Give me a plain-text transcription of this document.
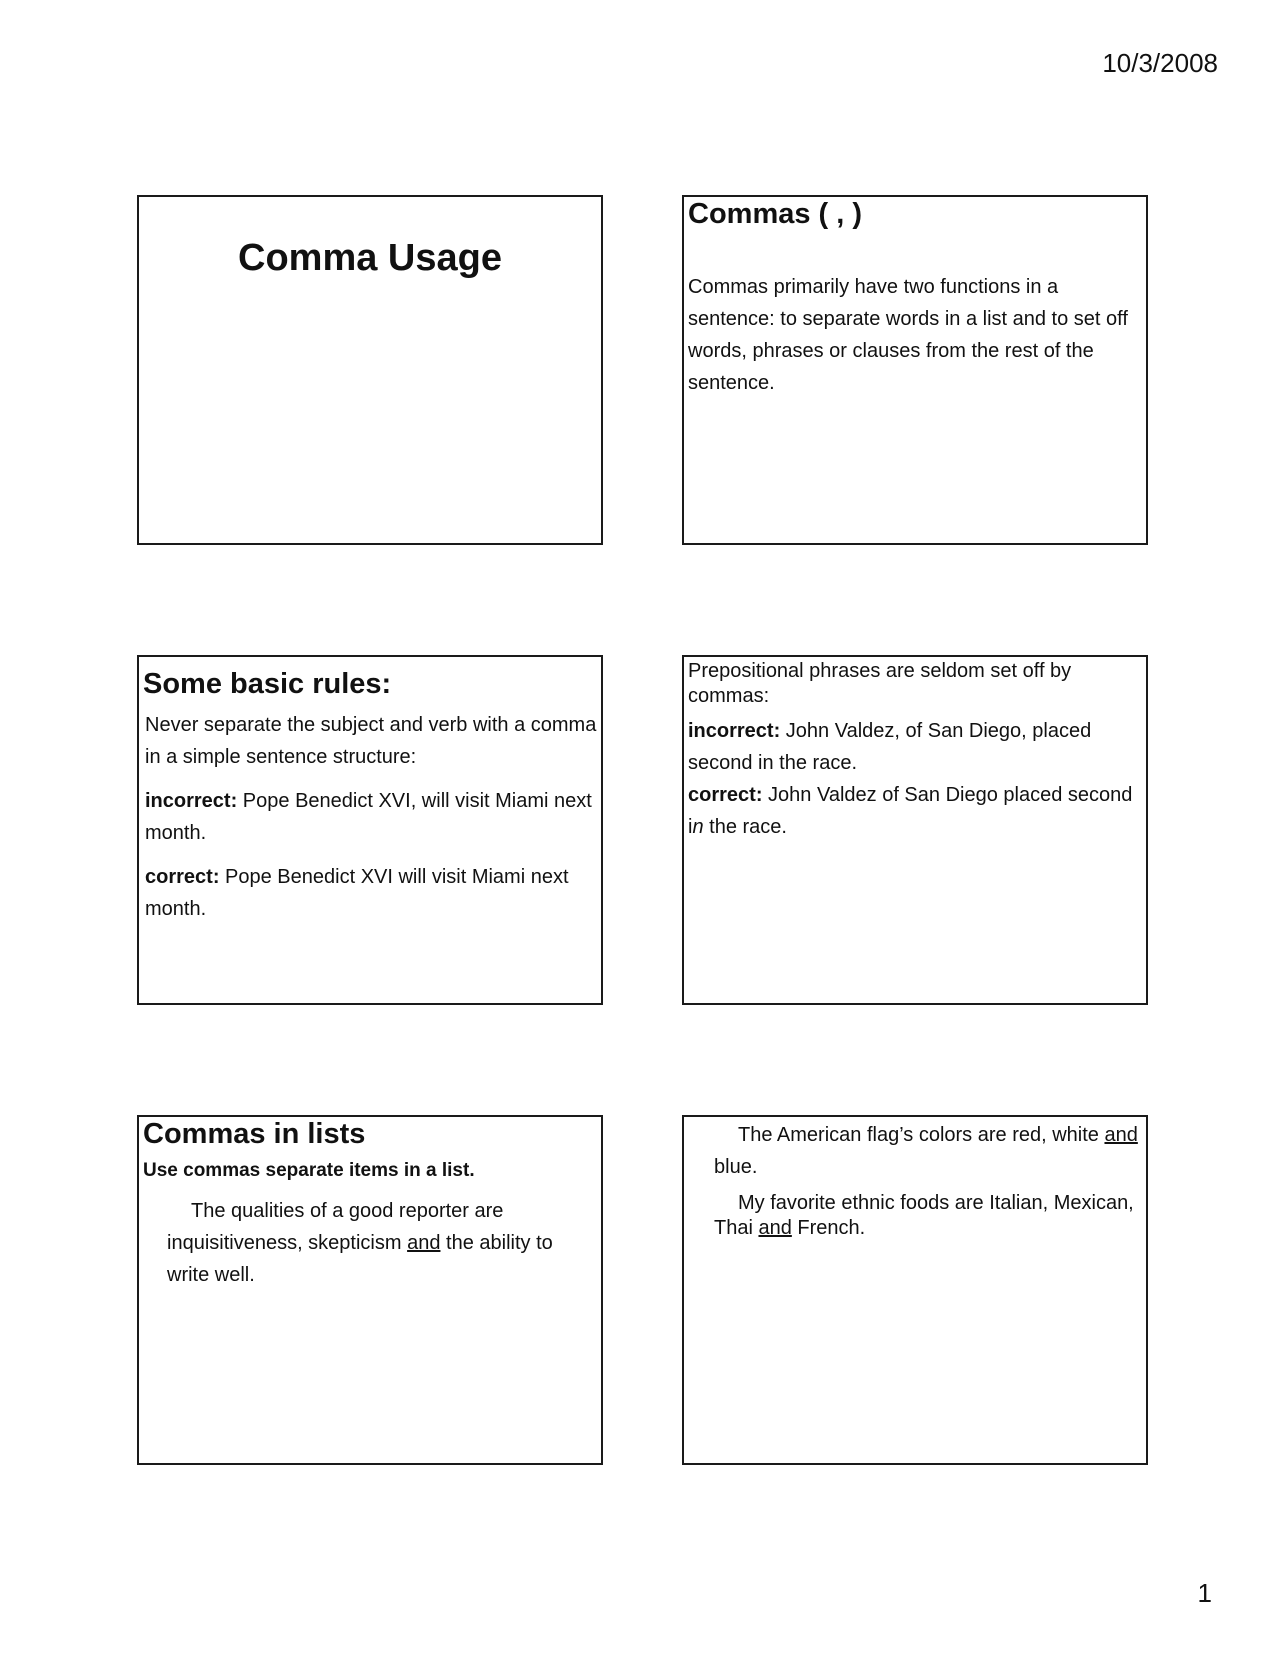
10/3/2008
Comma Usage
Commas ( , )
Commas primarily have two functions in a sentence: to separate words in a list and to set off words, phrases or clauses from the rest of the sentence.
Some basic rules:

Never separate the subject and verb with a comma in a simple sentence structure:

incorrect: Pope Benedict XVI, will visit Miami next month.

correct: Pope Benedict XVI will visit Miami next month.

Prepositional phrases are seldom set off by commas:

incorrect: John Valdez, of San Diego, placed second in the race.

correct: John Valdez of San Diego placed second in the race.

Commas in lists
Use commas separate items in a list.
The qualities of a good reporter are inquisitiveness, skepticism and the ability to write well.
The American flag’s colors are red, white and blue.
My favorite ethnic foods are Italian, Mexican, Thai and French.
1
